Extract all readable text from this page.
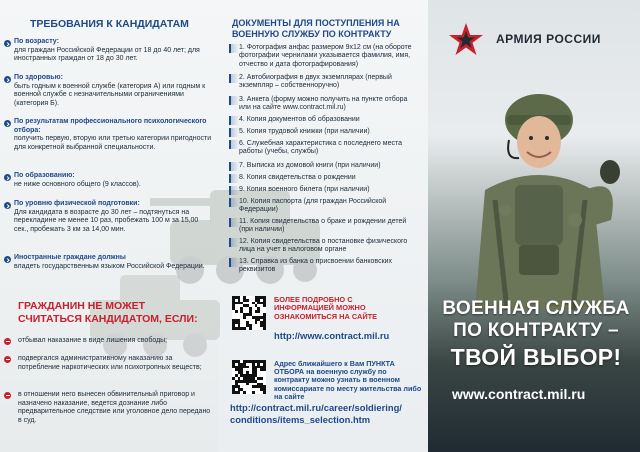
ТРЕБОВАНИЯ К КАНДИДАТАМ
По возрасту:
для граждан Российской Федерации от 18 до 40 лет; для иностранных граждан от 18 до 30 лет.
По здоровью:
быть годным к военной службе (категория А) или годным к военной службе с незначительными ограничениями (категория Б).
По результатам профессионального психологического отбора:
получить первую, вторую или третью категории пригодности для конкретной выбранной специальности.
По образованию:
не ниже основного общего (9 классов).
По уровню физической подготовки:
Для кандидата в возрасте до 30 лет – подтянуться на перекладине не менее 10 раз, пробежать 100 м за 15,00 сек., пробежать 3 км за 14,00 мин.
Иностранные граждане должны
владеть государственным языком Российской Федерации.
ГРАЖДАНИН НЕ МОЖЕТ СЧИТАТЬСЯ КАНДИДАТОМ, ЕСЛИ:
отбывал наказание в виде лишения свободы;
подвергался административному наказанию за потребление наркотических или психотропных веществ;
в отношении него вынесен обвинительный приговор и назначено наказание, ведется дознание либо предварительное следствие или уголовное дело передано в суд.
ДОКУМЕНТЫ ДЛЯ ПОСТУПЛЕНИЯ НА ВОЕННУЮ СЛУЖБУ ПО КОНТРАКТУ
1. Фотография анфас размером 9х12 см (на оборотe фотографии чернилами указывается фамилия, имя, отчество и дата фотографирования)
2. Автобиография в двух экземплярах (первый экземпляр – собственноручно)
3. Анкета (форму можно получить на пункте отбора или на сайте www.contract.mil.ru)
4. Копия документов об образовании
5. Копия трудовой книжки (при наличии)
6. Служебная характеристика с последнего места работы (учебы, службы)
7. Выписка из домовой книги (при наличии)
8. Копия свидетельства о рождении
9. Копия военного билета (при наличии)
10. Копия паспорта (для граждан Российской Федерации)
11. Копия свидетельства о браке и рождении детей (при наличии)
12. Копия свидетельства о постановке физического лица на учет в налоговом органе
13. Справка из банка о присвоении банковских реквизитов
БОЛЕЕ ПОДРОБНО С ИНФОРМАЦИЕЙ МОЖНО ОЗНАКОМИТЬСЯ НА САЙТЕ
http://www.contract.mil.ru
Адрес ближайшего к Вам ПУНКТА ОТБОРА на военную службу по контракту можно узнать в военном комиссариате по месту жительства либо на сайте
http://contract.mil.ru/career/soldiering/
conditions/items_selection.htm
АРМИЯ РОССИИ
ВОЕННАЯ СЛУЖБА
ПО КОНТРАКТУ –
ТВОЙ ВЫБОР!
www.contract.mil.ru
